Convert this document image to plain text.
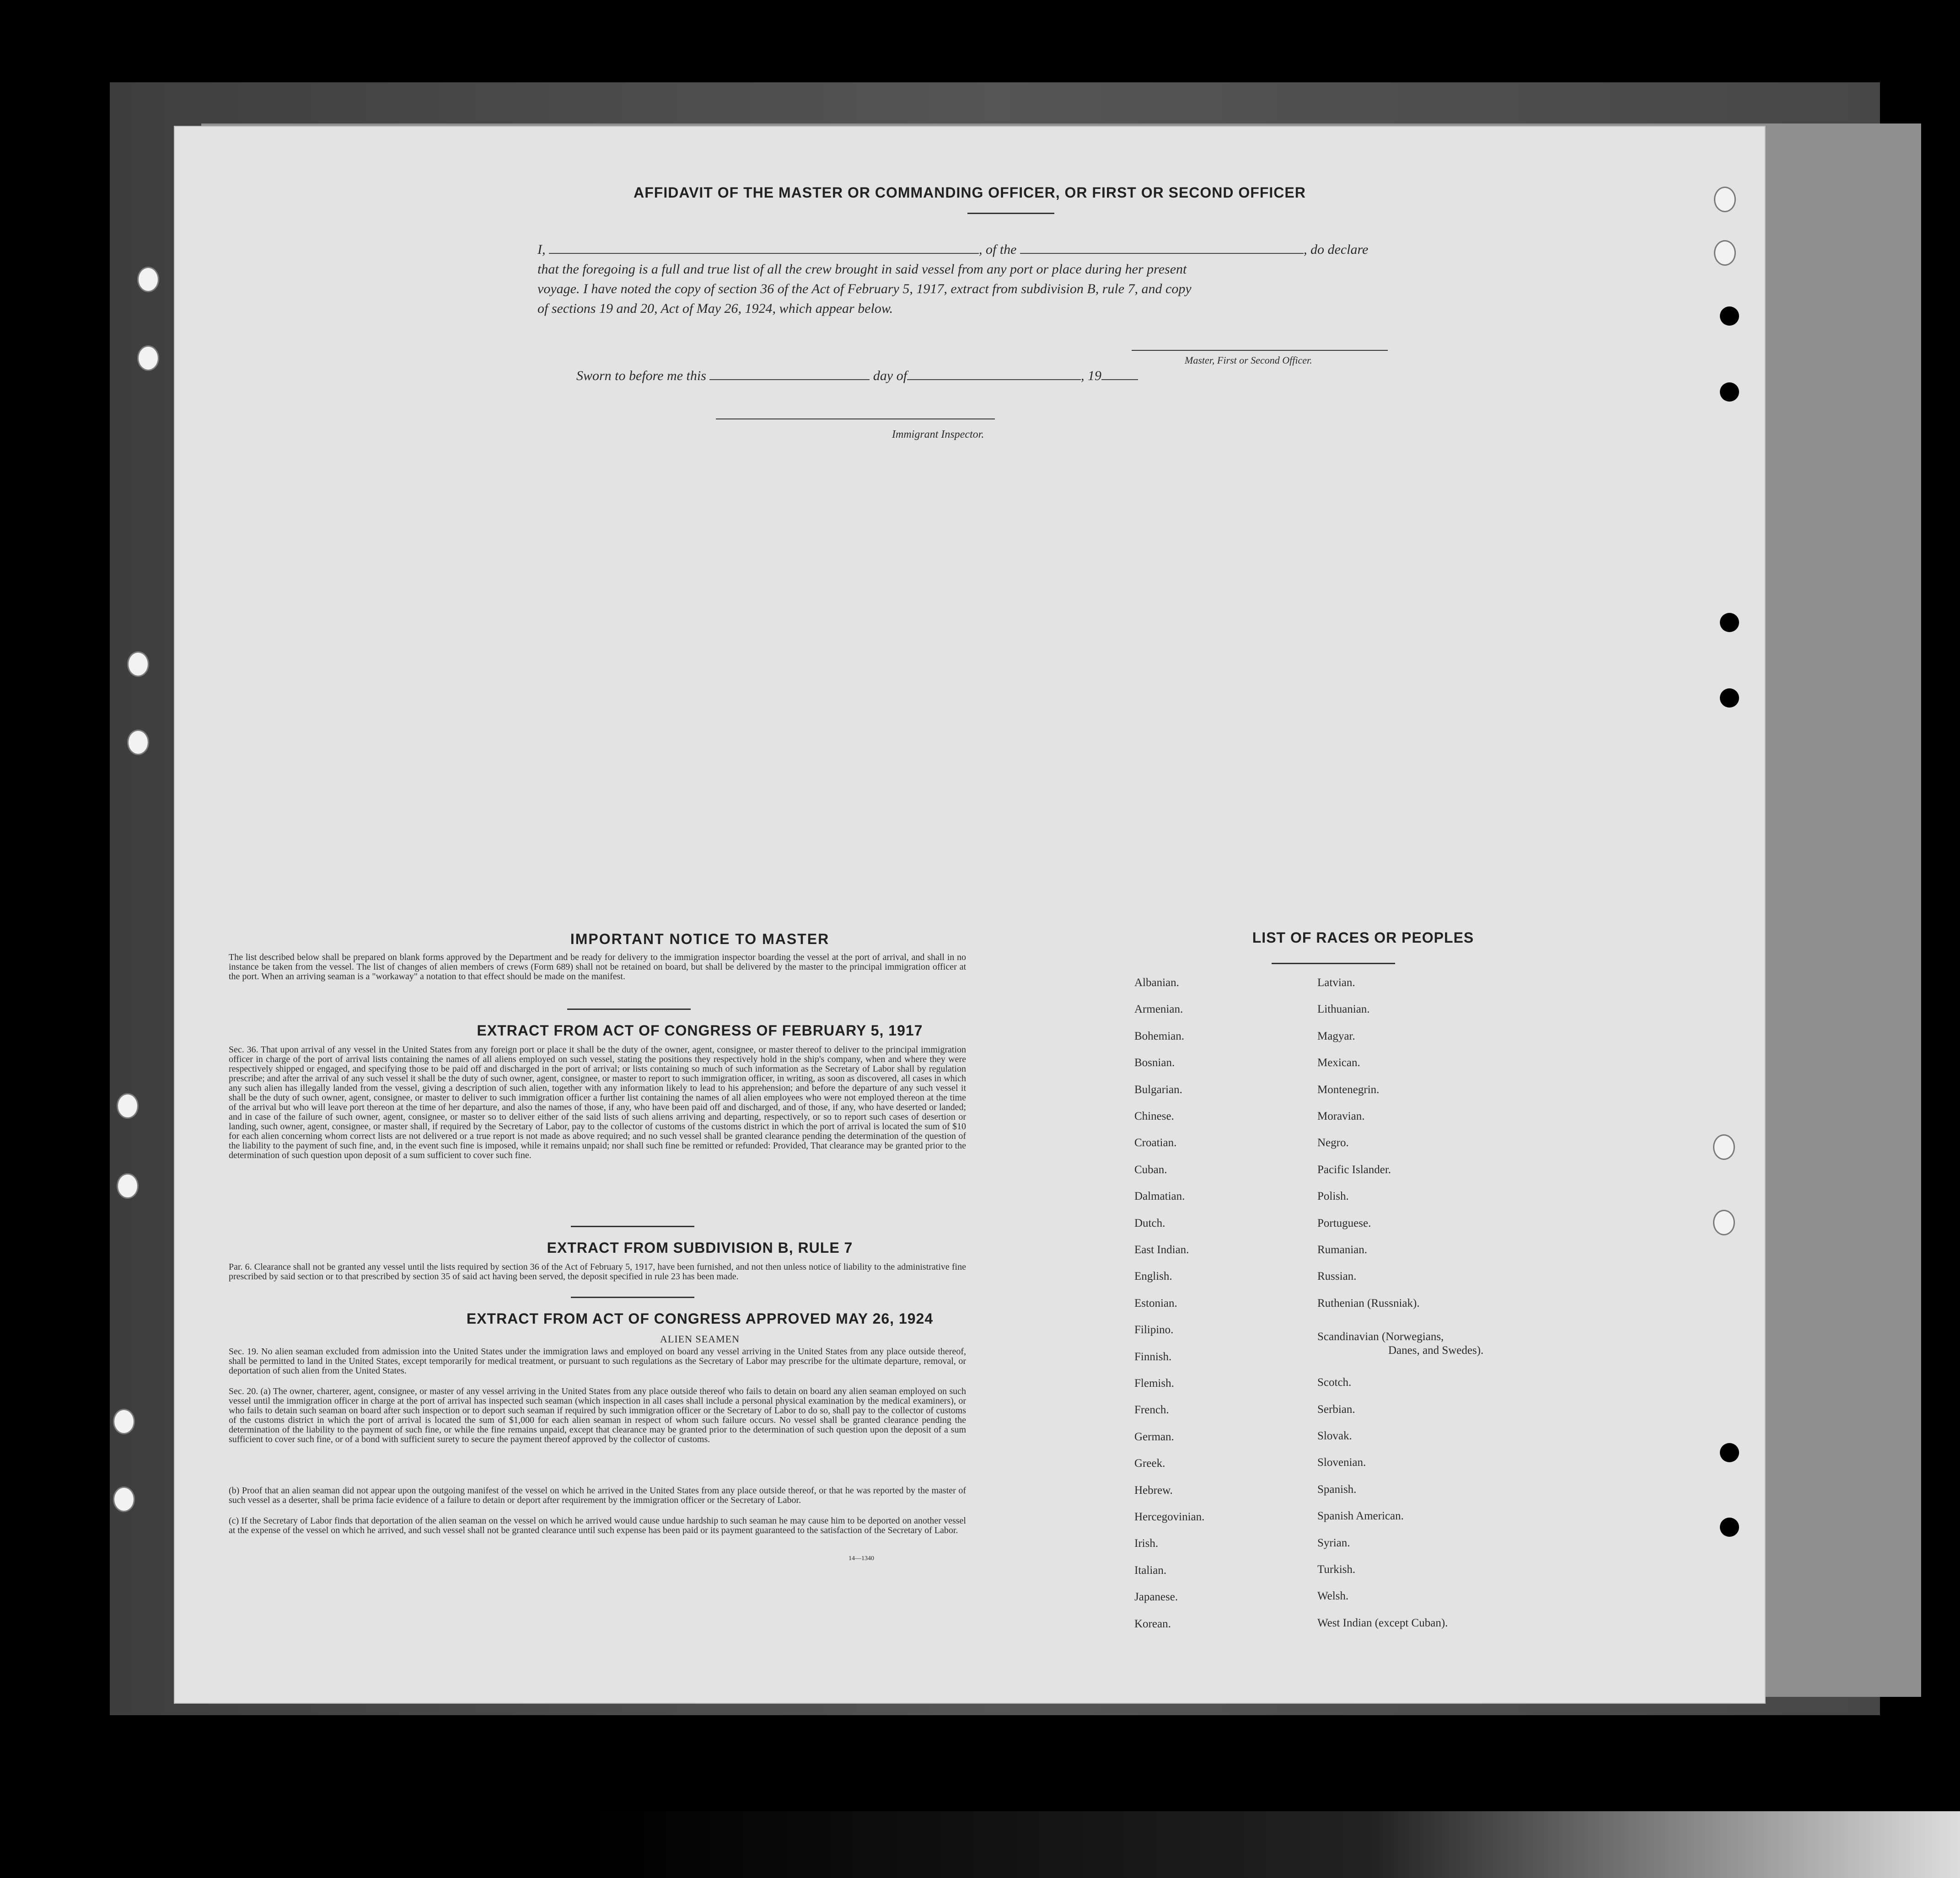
AFFIDAVIT OF THE MASTER OR COMMANDING OFFICER, OR FIRST OR SECOND OFFICER
I,	, of the	, do declare
that the foregoing is a full and true list of all the crew brought in said vessel from any port or place during her present
voyage. I have noted the copy of section 36 of the Act of February 5, 1917, extract from subdivision B, rule 7, and copy
of sections 19 and 20, Act of May 26, 1924, which appear below.
Master, First or Second Officer.
Sworn to before me this	day of	, 19
Immigrant Inspector.
IMPORTANT NOTICE TO MASTER
The list described below shall be prepared on blank forms approved by the Department and be ready for delivery to the immigration inspector boarding the vessel at the port of arrival, and shall in no instance be taken from the vessel. The list of changes of alien members of crews (Form 689) shall not be retained on board, but shall be delivered by the master to the principal immigration officer at the port. When an arriving seaman is a "workaway" a notation to that effect should be made on the manifest.
EXTRACT FROM ACT OF CONGRESS OF FEBRUARY 5, 1917
Sec. 36. That upon arrival of any vessel in the United States from any foreign port or place it shall be the duty of the owner, agent, consignee, or master thereof to deliver to the principal immigration officer in charge of the port of arrival lists containing the names of all aliens employed on such vessel, stating the positions they respectively hold in the ship's company, when and where they were respectively shipped or engaged, and specifying those to be paid off and discharged in the port of arrival; or lists containing so much of such information as the Secretary of Labor shall by regulation prescribe; and after the arrival of any such vessel it shall be the duty of such owner, agent, consignee, or master to report to such immigration officer, in writing, as soon as discovered, all cases in which any such alien has illegally landed from the vessel, giving a description of such alien, together with any information likely to lead to his apprehension; and before the departure of any such vessel it shall be the duty of such owner, agent, consignee, or master to deliver to such immigration officer a further list containing the names of all alien employees who were not employed thereon at the time of the arrival but who will leave port thereon at the time of her departure, and also the names of those, if any, who have been paid off and discharged, and of those, if any, who have deserted or landed; and in case of the failure of such owner, agent, consignee, or master so to deliver either of the said lists of such aliens arriving and departing, respectively, or so to report such cases of desertion or landing, such owner, agent, consignee, or master shall, if required by the Secretary of Labor, pay to the collector of customs of the customs district in which the port of arrival is located the sum of $10 for each alien concerning whom correct lists are not delivered or a true report is not made as above required; and no such vessel shall be granted clearance pending the determination of the question of the liability to the payment of such fine, and, in the event such fine is imposed, while it remains unpaid; nor shall such fine be remitted or refunded: Provided, That clearance may be granted prior to the determination of such question upon deposit of a sum sufficient to cover such fine.
EXTRACT FROM SUBDIVISION B, RULE 7
Par. 6. Clearance shall not be granted any vessel until the lists required by section 36 of the Act of February 5, 1917, have been furnished, and not then unless notice of liability to the administrative fine prescribed by said section or to that prescribed by section 35 of said act having been served, the deposit specified in rule 23 has been made.
EXTRACT FROM ACT OF CONGRESS APPROVED MAY 26, 1924
ALIEN SEAMEN
Sec. 19. No alien seaman excluded from admission into the United States under the immigration laws and employed on board any vessel arriving in the United States from any place outside thereof, shall be permitted to land in the United States, except temporarily for medical treatment, or pursuant to such regulations as the Secretary of Labor may prescribe for the ultimate departure, removal, or deportation of such alien from the United States.
Sec. 20. (a) The owner, charterer, agent, consignee, or master of any vessel arriving in the United States from any place outside thereof who fails to detain on board any alien seaman employed on such vessel until the immigration officer in charge at the port of arrival has inspected such seaman (which inspection in all cases shall include a personal physical examination by the medical examiners), or who fails to detain such seaman on board after such inspection or to deport such seaman if required by such immigration officer or the Secretary of Labor to do so, shall pay to the collector of customs of the customs district in which the port of arrival is located the sum of $1,000 for each alien seaman in respect of whom such failure occurs. No vessel shall be granted clearance pending the determination of the liability to the payment of such fine, or while the fine remains unpaid, except that clearance may be granted prior to the determination of such question upon the deposit of a sum sufficient to cover such fine, or of a bond with sufficient surety to secure the payment thereof approved by the collector of customs.
(b) Proof that an alien seaman did not appear upon the outgoing manifest of the vessel on which he arrived in the United States from any place outside thereof, or that he was reported by the master of such vessel as a deserter, shall be prima facie evidence of a failure to detain or deport after requirement by the immigration officer or the Secretary of Labor.
(c) If the Secretary of Labor finds that deportation of the alien seaman on the vessel on which he arrived would cause undue hardship to such seaman he may cause him to be deported on another vessel at the expense of the vessel on which he arrived, and such vessel shall not be granted clearance until such expense has been paid or its payment guaranteed to the satisfaction of the Secretary of Labor.
14—1340
LIST OF RACES OR PEOPLES
Albanian.
Armenian.
Bohemian.
Bosnian.
Bulgarian.
Chinese.
Croatian.
Cuban.
Dalmatian.
Dutch.
East Indian.
English.
Estonian.
Filipino.
Finnish.
Flemish.
French.
German.
Greek.
Hebrew.
Hercegovinian.
Irish.
Italian.
Japanese.
Korean.
Latvian.
Lithuanian.
Magyar.
Mexican.
Montenegrin.
Moravian.
Negro.
Pacific Islander.
Polish.
Portuguese.
Rumanian.
Russian.
Ruthenian (Russniak).
Scandinavian (Norwegians,
Danes, and Swedes).
Scotch.
Serbian.
Slovak.
Slovenian.
Spanish.
Spanish American.
Syrian.
Turkish.
Welsh.
West Indian (except Cuban).
